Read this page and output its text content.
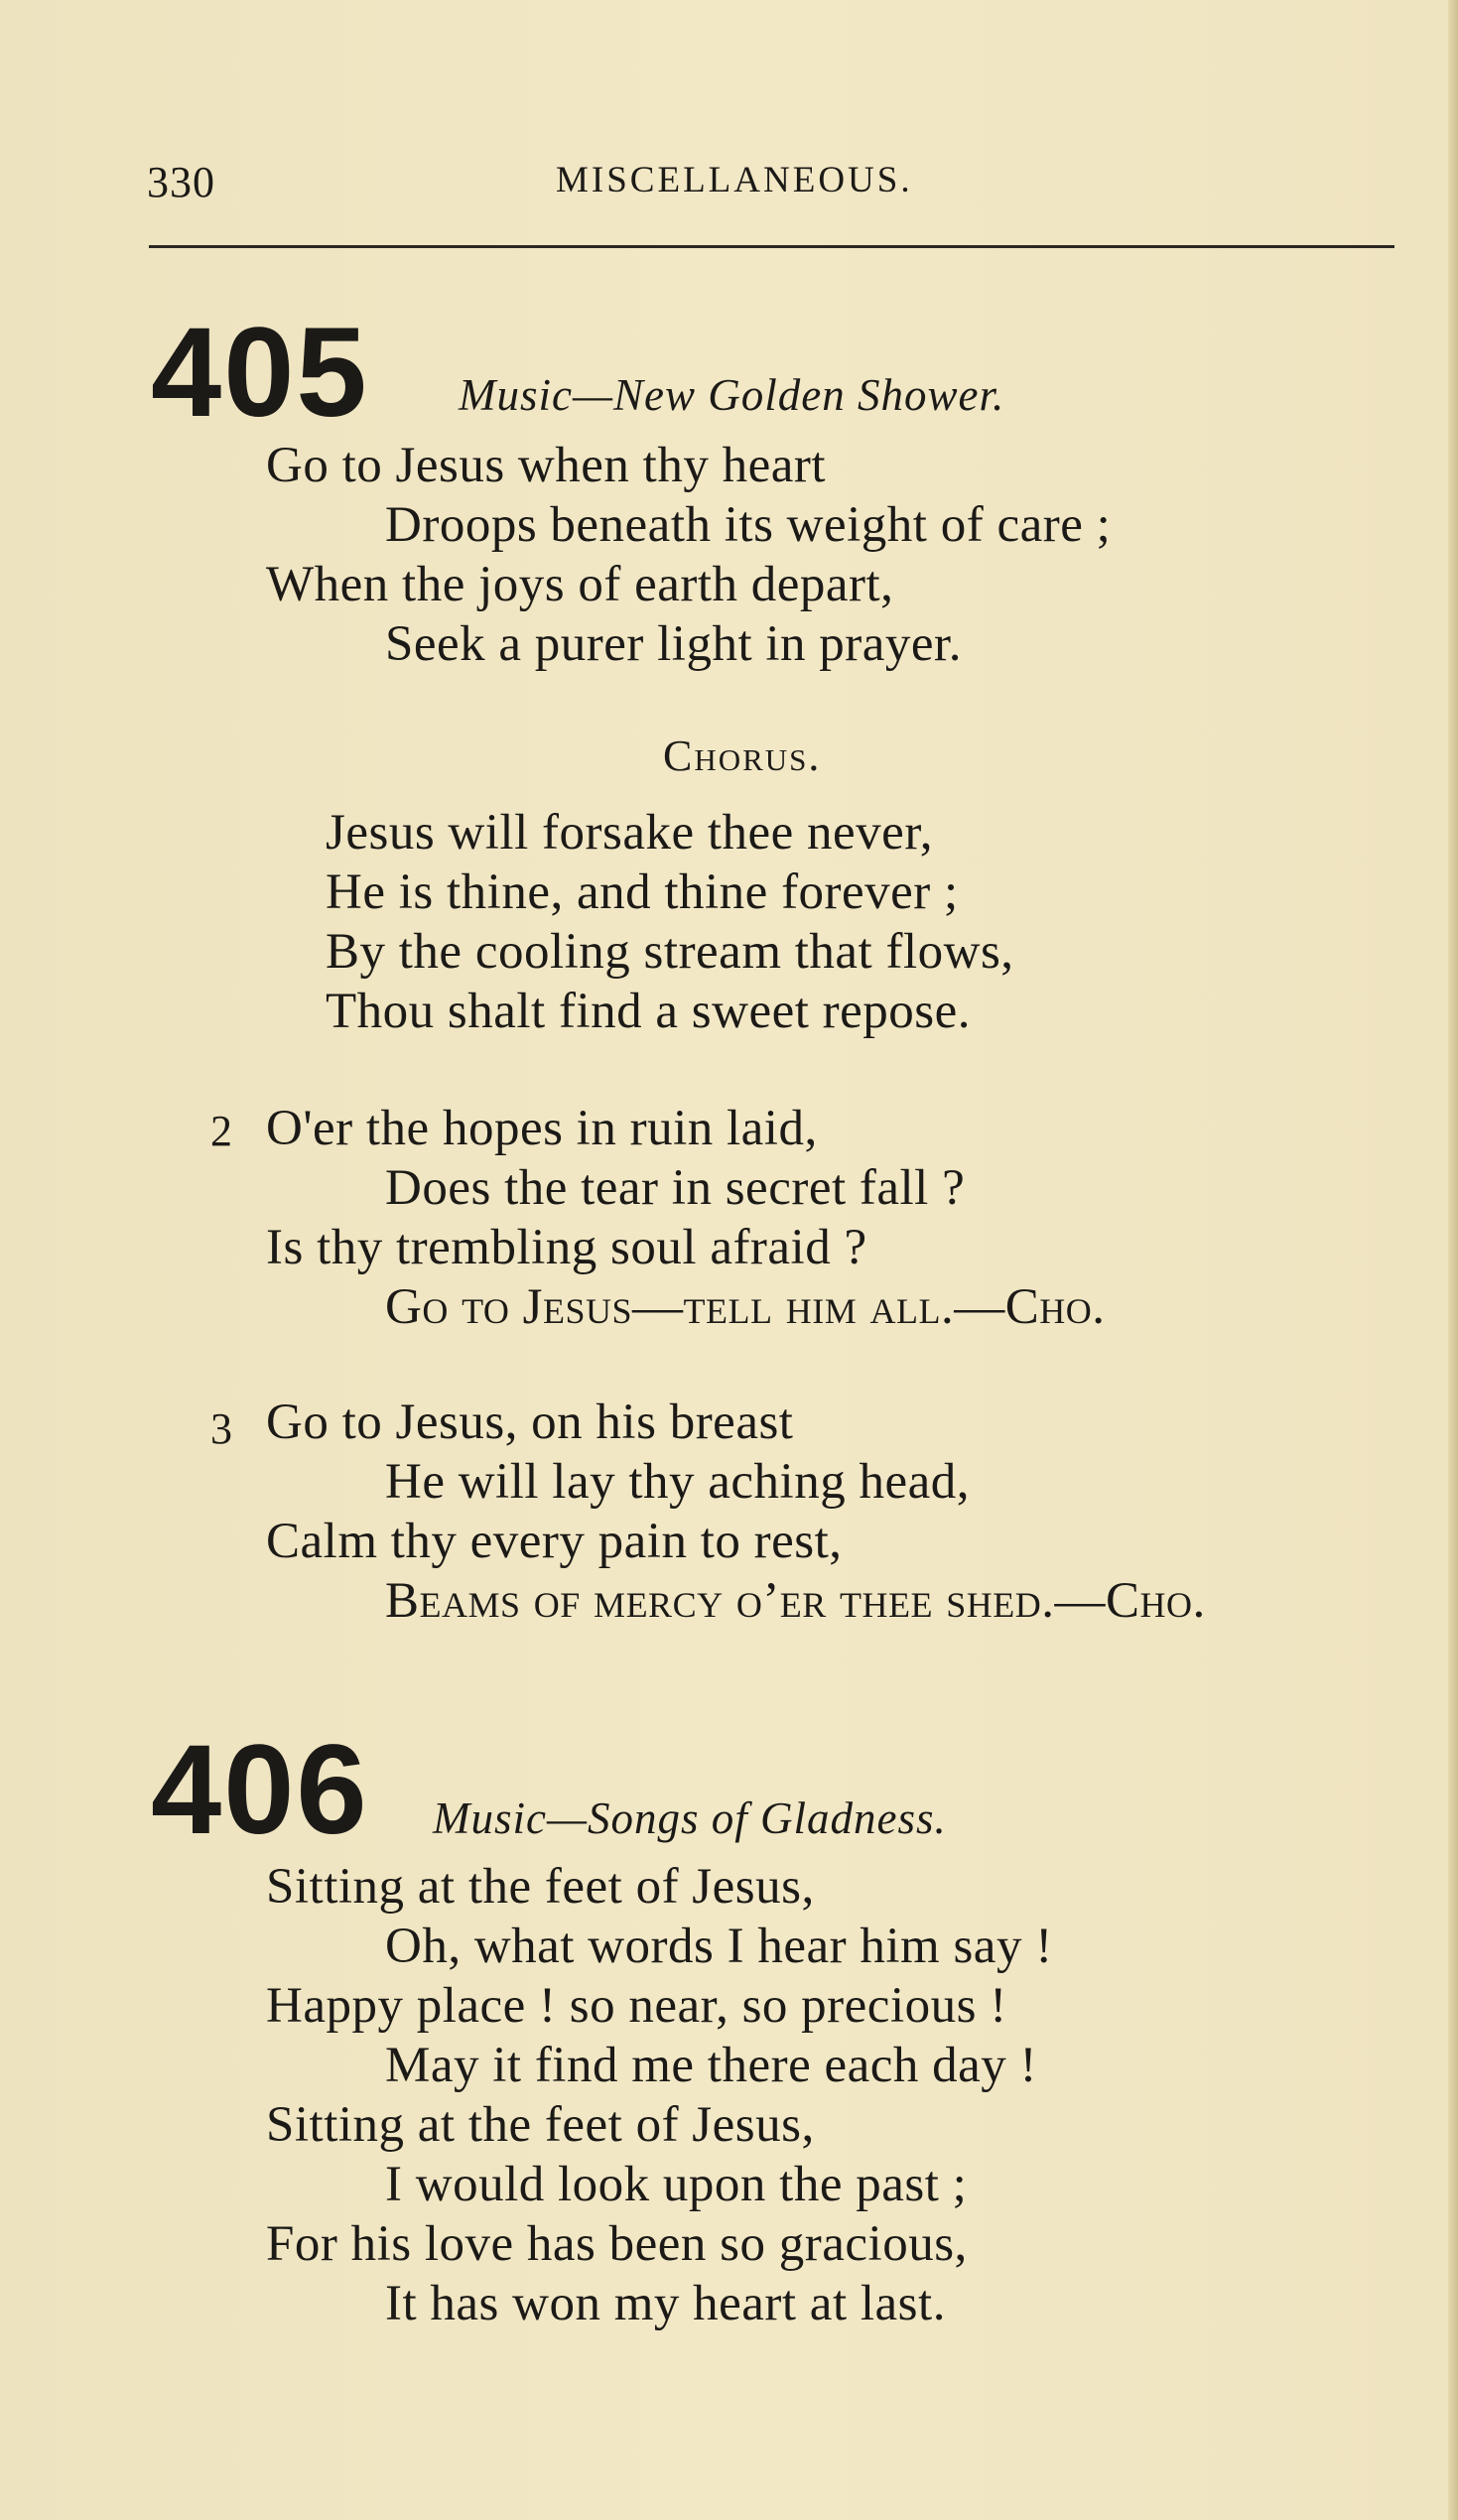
330	MISCELLANEOUS.
405 Music—New Golden Shower.
Go to Jesus when thy heart
Droops beneath its weight of care ;
When the joys of earth depart,
Seek a purer light in prayer.
Chorus.
Jesus will forsake thee never,
He is thine, and thine forever ;
By the cooling stream that flows,
Thou shalt find a sweet repose.
2 O'er the hopes in ruin laid,
Does the tear in secret fall ?
Is thy trembling soul afraid ?
Go to Jesus—tell him all.—Cho.
3 Go to Jesus, on his breast
He will lay thy aching head,
Calm thy every pain to rest,
Beams of mercy o’er thee shed.—Cho.
406 Music—Songs of Gladness.
Sitting at the feet of Jesus,
Oh, what words I hear him say !
Happy place ! so near, so precious !
May it find me there each day !
Sitting at the feet of Jesus,
I would look upon the past ;
For his love has been so gracious,
It has won my heart at last.
